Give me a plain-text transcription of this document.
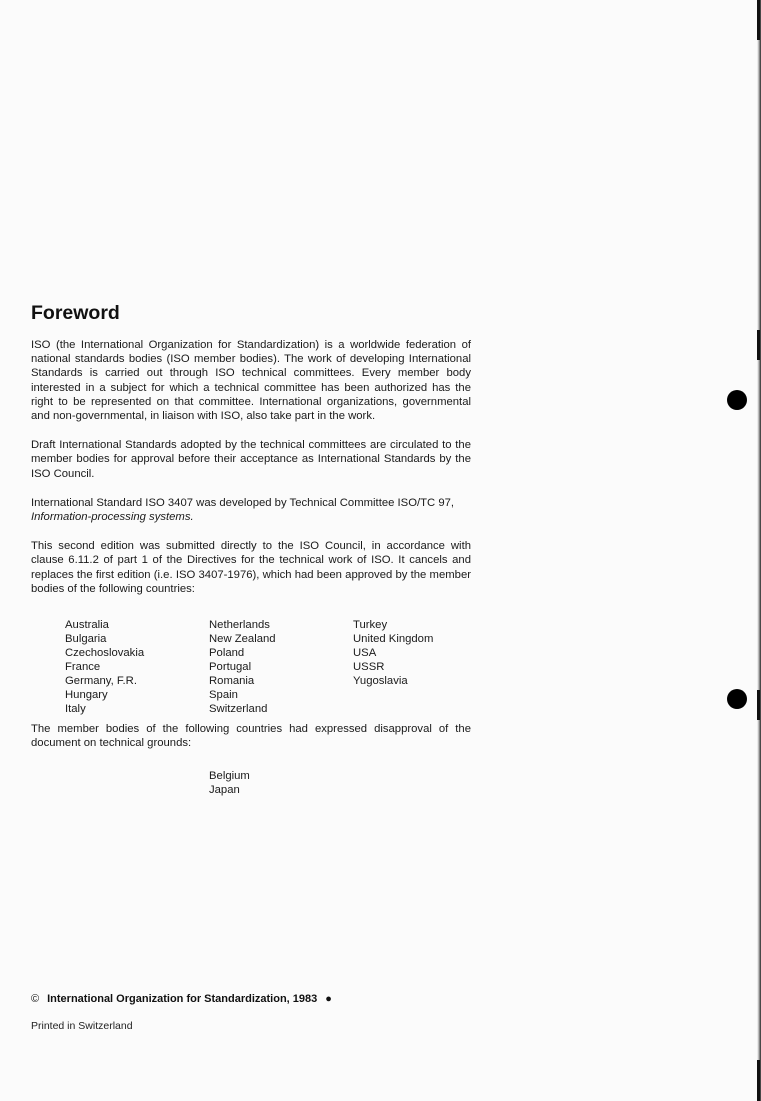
Foreword

ISO (the International Organization for Standardization) is a worldwide federation of national standards bodies (ISO member bodies). The work of developing International Standards is carried out through ISO technical committees. Every member body interested in a subject for which a technical committee has been authorized has the right to be represented on that committee. International organizations, governmental and non-governmental, in liaison with ISO, also take part in the work.

Draft International Standards adopted by the technical committees are circulated to the member bodies for approval before their acceptance as International Standards by the ISO Council.

International Standard ISO 3407 was developed by Technical Committee ISO/TC 97,
Information-processing systems.

This second edition was submitted directly to the ISO Council, in accordance with clause 6.11.2 of part 1 of the Directives for the technical work of ISO. It cancels and replaces the first edition (i.e. ISO 3407-1976), which had been approved by the member bodies of the following countries:

Australia
Bulgaria
Czechoslovakia
France
Germany, F.R.
Hungary
Italy
Netherlands
New Zealand
Poland
Portugal
Romania
Spain
Switzerland
Turkey
United Kingdom
USA
USSR
Yugoslavia

The member bodies of the following countries had expressed disapproval of the document on technical grounds:

Belgium
Japan
© International Organization for Standardization, 1983 ●
Printed in Switzerland
